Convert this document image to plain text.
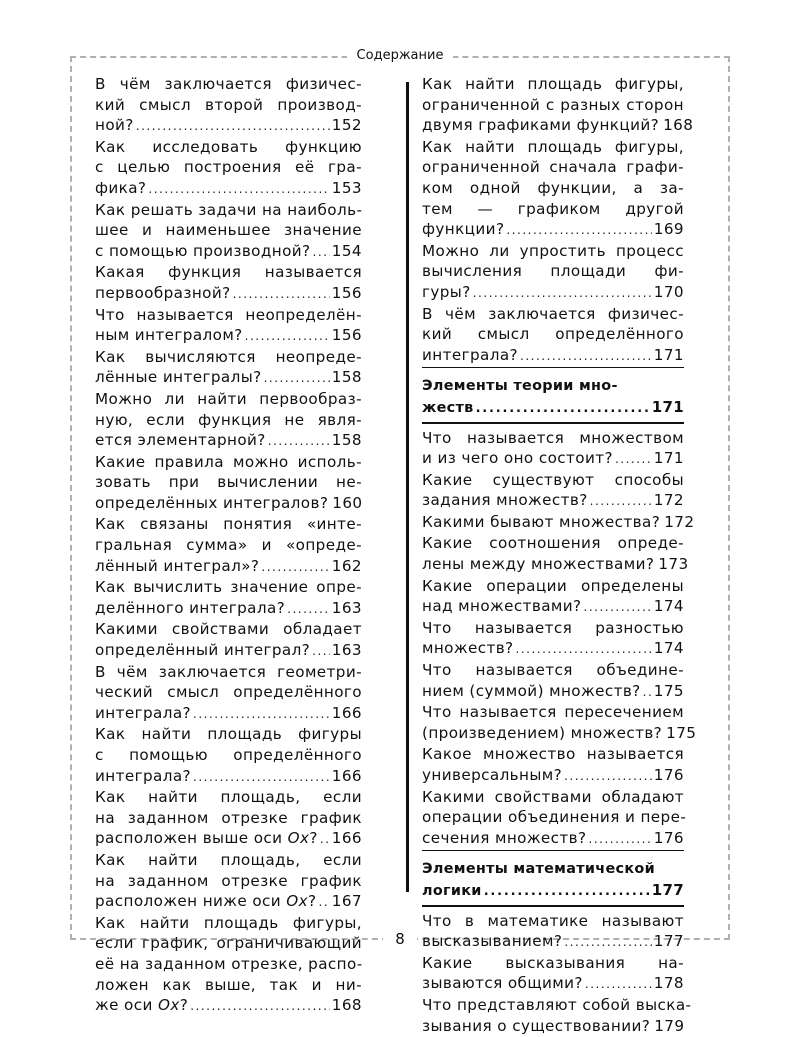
Содержание
В чём заключается физичес-
кий смысл второй производ-
ной? .....	152
Как исследовать функцию
с целью построения её гра-
фика? .....	153
Как решать задачи на наиболь-
шее и наименьшее значение
с помощью производной? ..... 154
Какая функция называется
первообразной? .....	156
Что называется неопределён-
ным интегралом? .....	156
Как вычисляются неопреде-
лённые интегралы? .....	158
Можно ли найти первообраз-
ную, если функция не явля-
ется элементарной? .....	158
Какие правила можно исполь-
зовать при вычислении не-
определённых интегралов? 160
Как связаны понятия «инте-
гральная сумма» и «опреде-
лённый интеграл»? .....	162
Как вычислить значение опре-
делённого интеграла? .....	163
Какими свойствами обладает
определённый интеграл? ..... 163
В чём заключается геометри-
ческий смысл определённого
интеграла? .....	166
Как найти площадь фигуры
с помощью определённого
интеграла? .....	166
Как найти площадь, если
на заданном отрезке график
расположен выше оси Ox? ..... 166
Как найти площадь, если
на заданном отрезке график
расположен ниже оси Ox? ..... 167
Как найти площадь фигуры,
если график, ограничивающий
её на заданном отрезке, распо-
ложен как выше, так и ни-
же оси Ox? .....	168
Как найти площадь фигуры,
ограниченной с разных сторон
двумя графиками функций? 168
Как найти площадь фигуры,
ограниченной сначала графи-
ком одной функции, а за-
тем — графиком другой
функции? .....	169
Можно ли упростить процесс
вычисления площади фи-
гуры? .....	170
В чём заключается физичес-
кий смысл определённого
интеграла? .....	171
Элементы теории мно-
жеств .....	171
Что называется множеством
и из чего оно состоит? .....	171
Какие существуют способы
задания множеств? .....	172
Какими бывают множества? 172
Какие соотношения опреде-
лены между множествами? 173
Какие операции определены
над множествами? .....	174
Что называется разностью
множеств? .....	174
Что называется объедине-
нием (суммой) множеств? ..... 175
Что называется пересечением
(произведением) множеств? 175
Какое множество называется
универсальным? .....	176
Какими свойствами обладают
операции объединения и пере-
сечения множеств? .....	176
Элементы математической
логики .....	177
Что в математике называют
высказыванием? .....	177
Какие высказывания на-
зываются общими? .....	178
Что представляют собой выска-
зывания о существовании? 179
8
